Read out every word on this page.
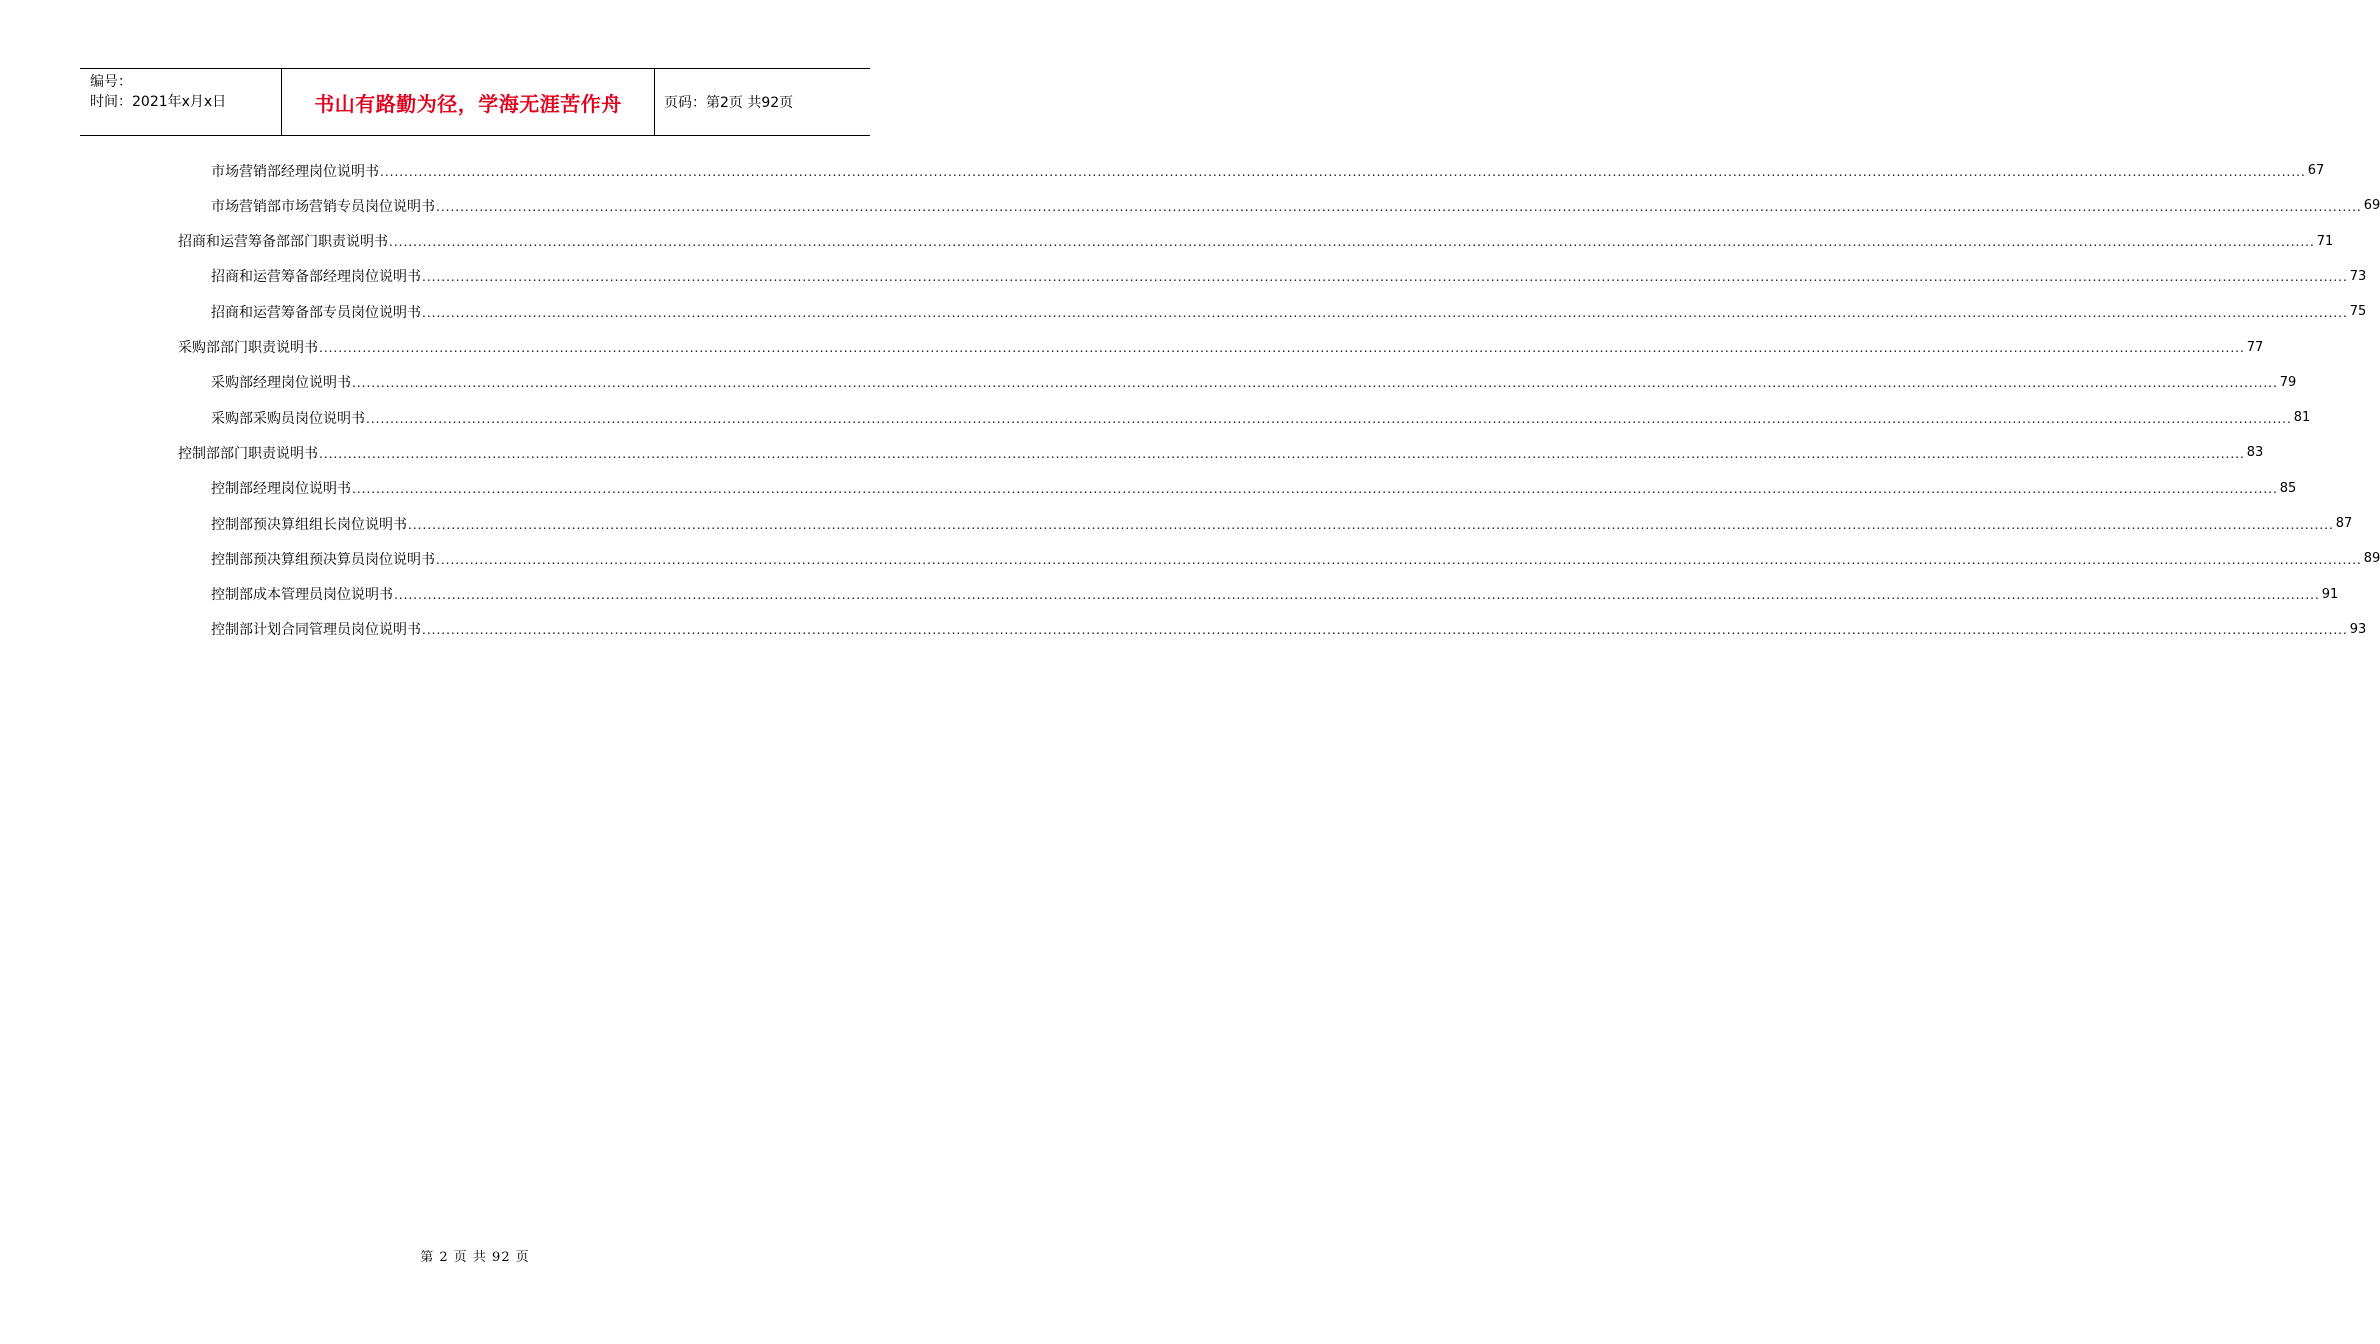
编号：
时间：2021年x月x日	书山有路勤为径，学海无涯苦作舟	页码：第2页 共92页
市场营销部经理岗位说明书 ................................................................................................................................................................................................................................................................................................................................................................................................................ 67
市场营销部市场营销专员岗位说明书 ................................................................................................................................................................................................................................................................................................................................................................................................................ 69
招商和运营筹备部部门职责说明书 ................................................................................................................................................................................................................................................................................................................................................................................................................ 71
招商和运营筹备部经理岗位说明书 ................................................................................................................................................................................................................................................................................................................................................................................................................ 73
招商和运营筹备部专员岗位说明书 ................................................................................................................................................................................................................................................................................................................................................................................................................ 75
采购部部门职责说明书 ................................................................................................................................................................................................................................................................................................................................................................................................................ 77
采购部经理岗位说明书 ................................................................................................................................................................................................................................................................................................................................................................................................................ 79
采购部采购员岗位说明书 ................................................................................................................................................................................................................................................................................................................................................................................................................ 81
控制部部门职责说明书 ................................................................................................................................................................................................................................................................................................................................................................................................................ 83
控制部经理岗位说明书 ................................................................................................................................................................................................................................................................................................................................................................................................................ 85
控制部预决算组组长岗位说明书 ................................................................................................................................................................................................................................................................................................................................................................................................................ 87
控制部预决算组预决算员岗位说明书 ................................................................................................................................................................................................................................................................................................................................................................................................................ 89
控制部成本管理员岗位说明书 ................................................................................................................................................................................................................................................................................................................................................................................................................ 91
控制部计划合同管理员岗位说明书 ................................................................................................................................................................................................................................................................................................................................................................................................................ 93
第 2 页 共 92 页
